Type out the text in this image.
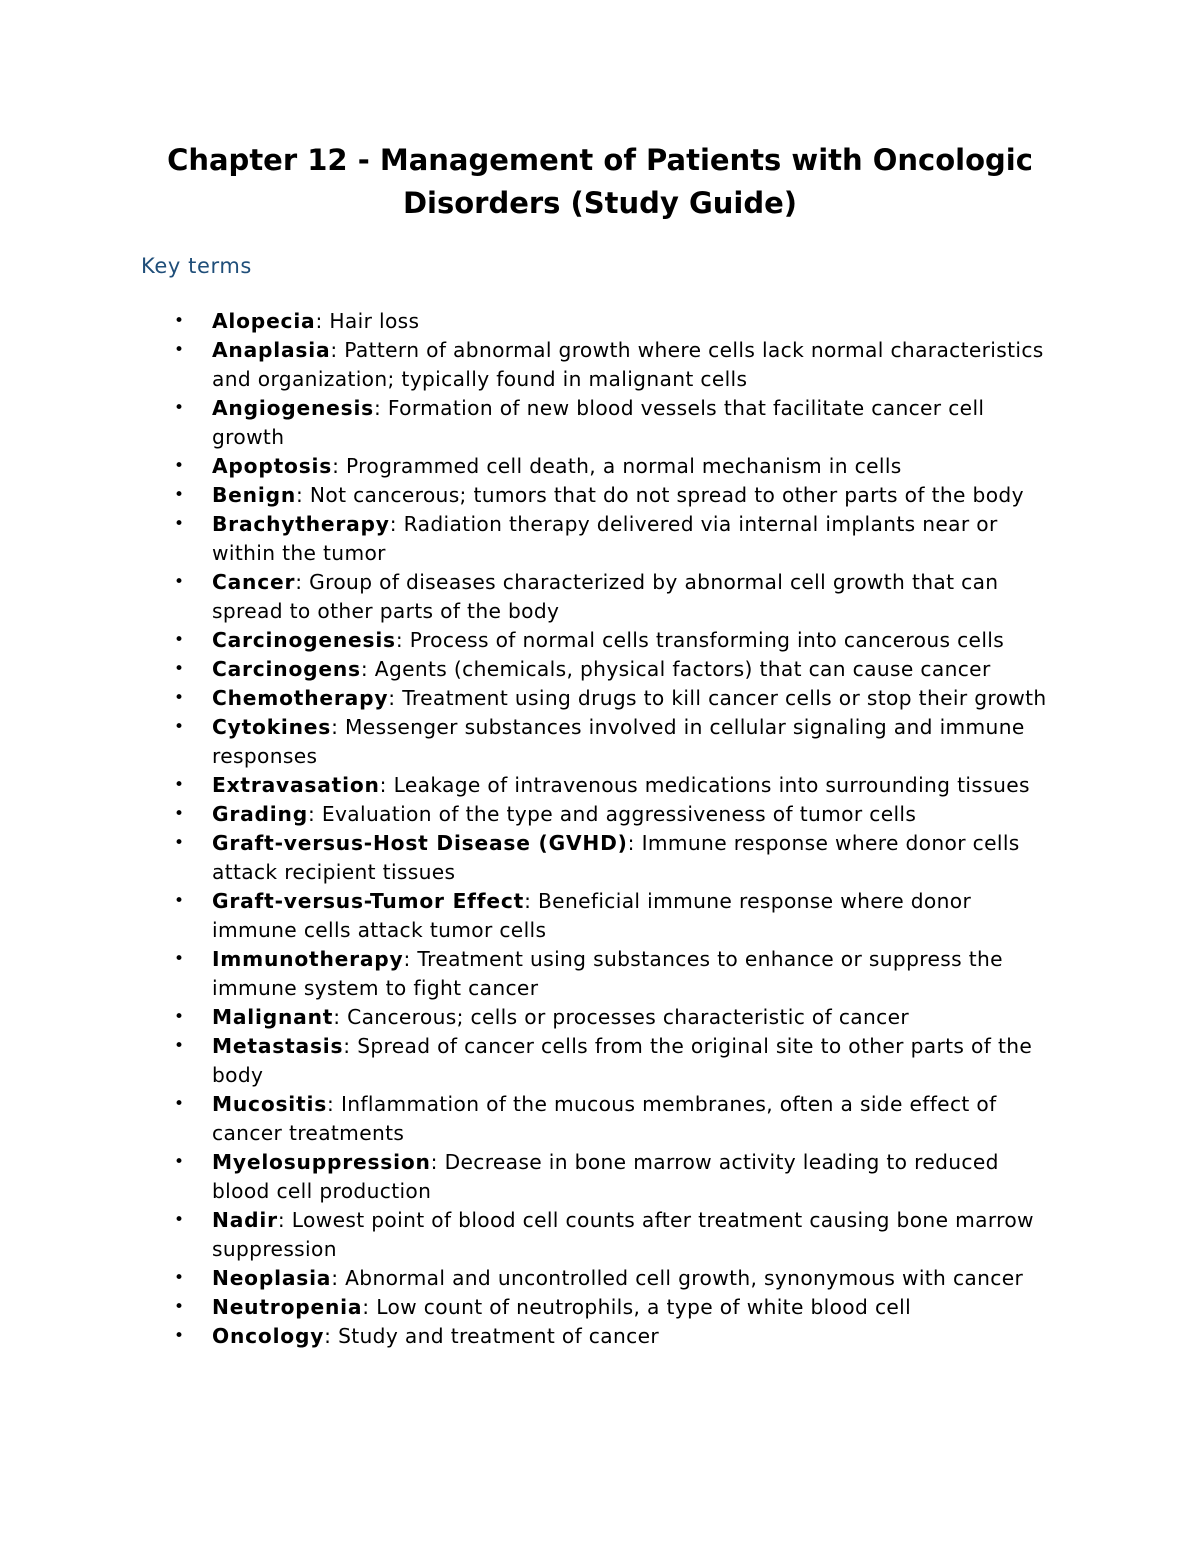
Chapter 12 - Management of Patients with Oncologic Disorders (Study Guide)
Key terms
• Alopecia: Hair loss
• Anaplasia: Pattern of abnormal growth where cells lack normal characteristics and organization; typically found in malignant cells
• Angiogenesis: Formation of new blood vessels that facilitate cancer cell growth
• Apoptosis: Programmed cell death, a normal mechanism in cells
• Benign: Not cancerous; tumors that do not spread to other parts of the body
• Brachytherapy: Radiation therapy delivered via internal implants near or within the tumor
• Cancer: Group of diseases characterized by abnormal cell growth that can spread to other parts of the body
• Carcinogenesis: Process of normal cells transforming into cancerous cells
• Carcinogens: Agents (chemicals, physical factors) that can cause cancer
• Chemotherapy: Treatment using drugs to kill cancer cells or stop their growth
• Cytokines: Messenger substances involved in cellular signaling and immune responses
• Extravasation: Leakage of intravenous medications into surrounding tissues
• Grading: Evaluation of the type and aggressiveness of tumor cells
• Graft-versus-Host Disease (GVHD): Immune response where donor cells attack recipient tissues
• Graft-versus-Tumor Effect: Beneficial immune response where donor immune cells attack tumor cells
• Immunotherapy: Treatment using substances to enhance or suppress the immune system to fight cancer
• Malignant: Cancerous; cells or processes characteristic of cancer
• Metastasis: Spread of cancer cells from the original site to other parts of the body
• Mucositis: Inflammation of the mucous membranes, often a side effect of cancer treatments
• Myelosuppression: Decrease in bone marrow activity leading to reduced blood cell production
• Nadir: Lowest point of blood cell counts after treatment causing bone marrow suppression
• Neoplasia: Abnormal and uncontrolled cell growth, synonymous with cancer
• Neutropenia: Low count of neutrophils, a type of white blood cell
• Oncology: Study and treatment of cancer
